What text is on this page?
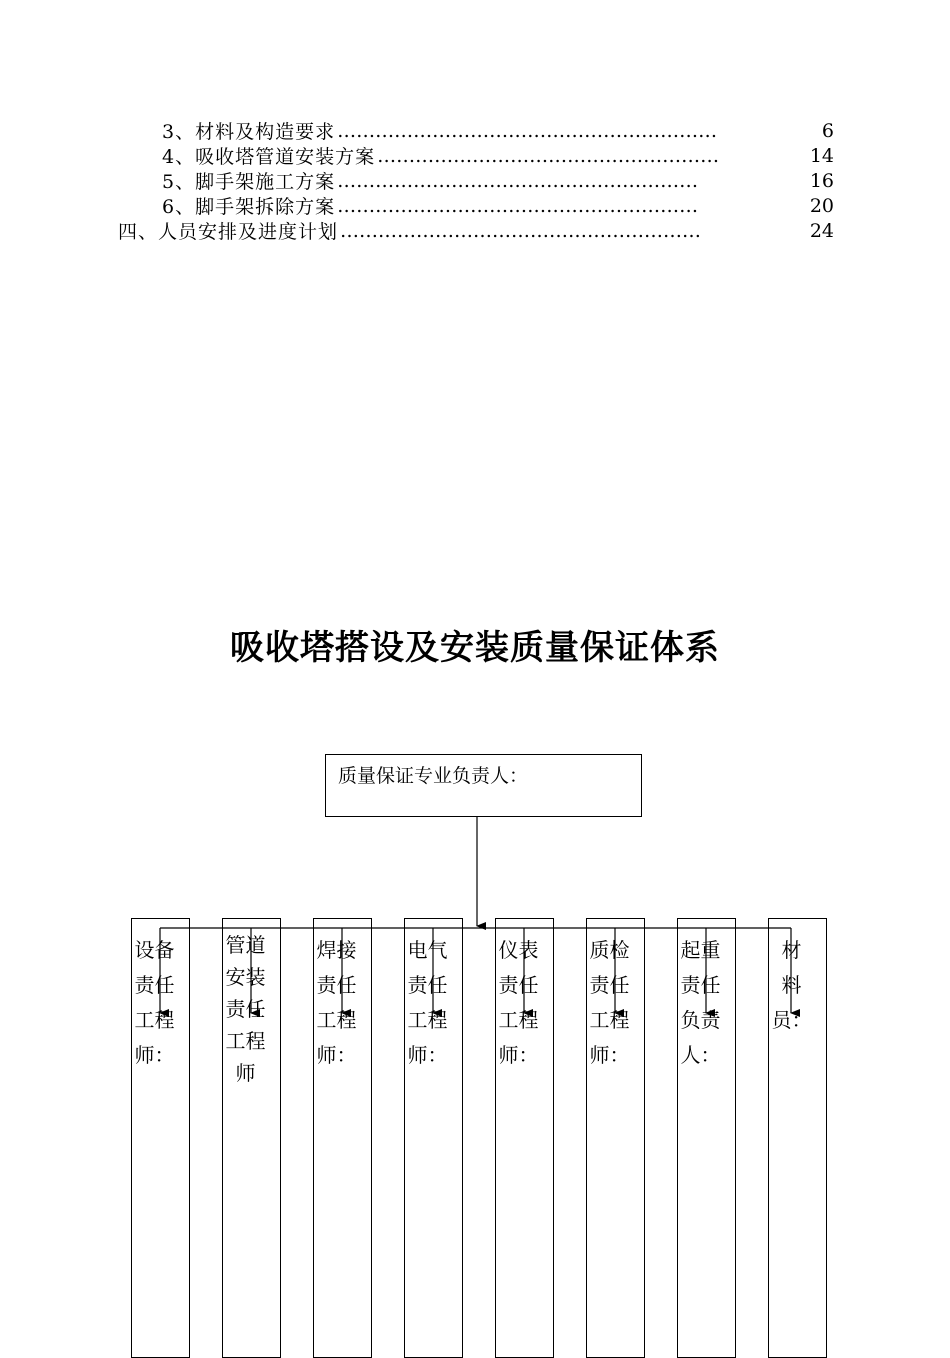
3、材料及构造要求 ……………………………………………………	6
4、吸收塔管道安装方案 ………………………………………………	14
5、脚手架施工方案 …………………………………………………	16
6、脚手架拆除方案 …………………………………………………	20
四、人员安排及进度计划 …………………………………………………	24
吸收塔搭设及安装质量保证体系
质量保证专业负责人：
设备责任工程师：
管道安装责任工程师
焊接责任工程师：
电气责任工程师：
仪表责任工程师：
质检责任工程师：
起重责任负责人：
材 料 员：
